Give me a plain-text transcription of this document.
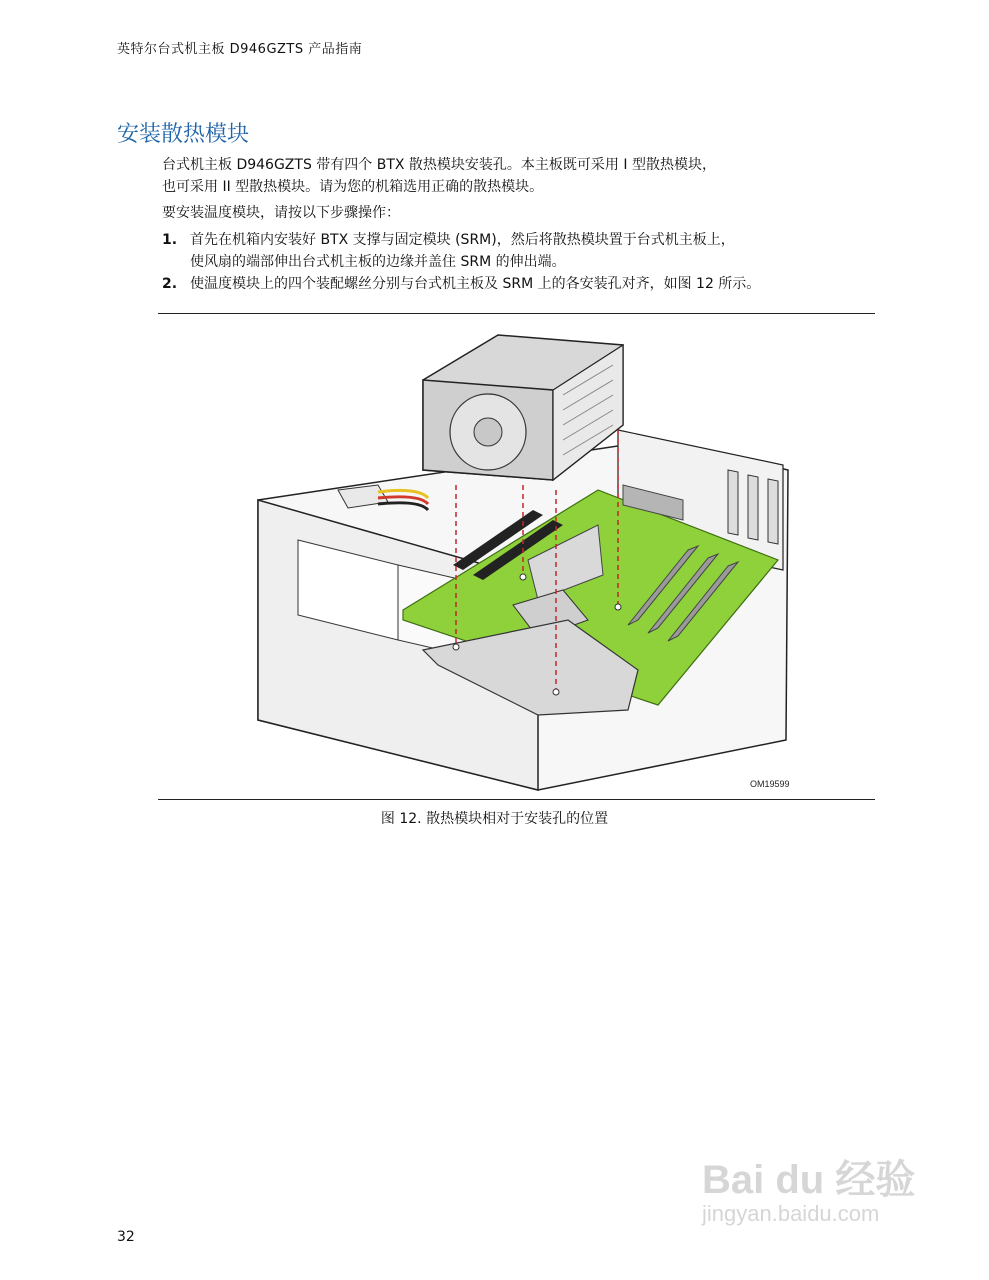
英特尔台式机主板 D946GZTS 产品指南
安装散热模块
台式机主板 D946GZTS 带有四个 BTX 散热模块安装孔。本主板既可采用 I 型散热模块，
也可采用 II 型散热模块。请为您的机箱选用正确的散热模块。
要安装温度模块，请按以下步骤操作：
1. 首先在机箱内安装好 BTX 支撑与固定模块 (SRM)，然后将散热模块置于台式机主板上，
使风扇的端部伸出台式机主板的边缘并盖住 SRM 的伸出端。
2. 使温度模块上的四个装配螺丝分别与台式机主板及 SRM 上的各安装孔对齐，如图 12 所示。
OM19599
图 12. 散热模块相对于安装孔的位置
32
Bai du 经验
jingyan.baidu.com
